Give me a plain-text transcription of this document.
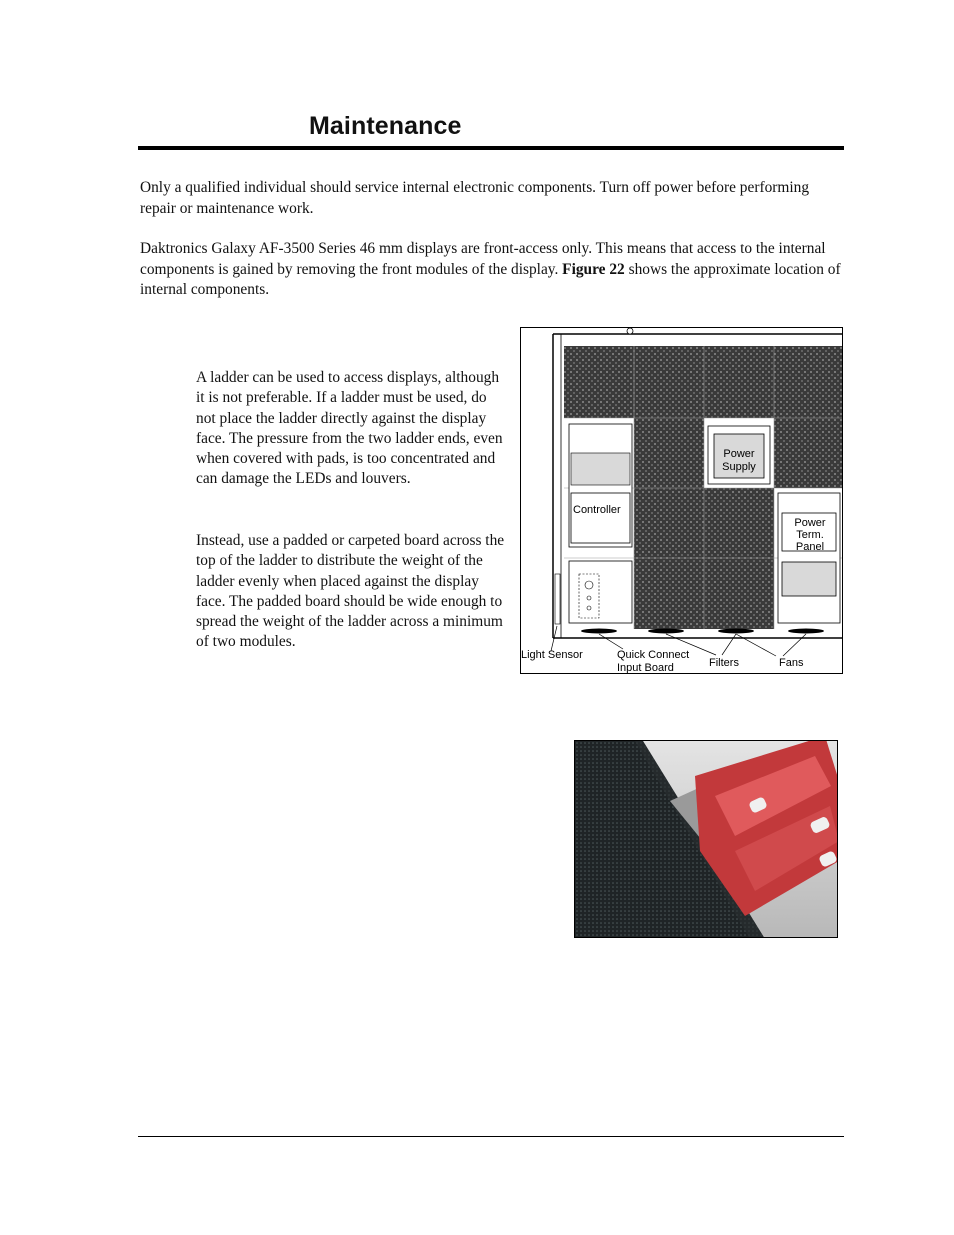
Maintenance

Only a qualified individual should service internal electronic components. Turn off power before performing repair or maintenance work.

Daktronics Galaxy AF-3500 Series 46 mm displays are front-access only. This means that access to the internal components is gained by removing the front modules of the display. Figure 22 shows the approximate location of internal components.

A ladder can be used to access displays, although it is not preferable. If a ladder must be used, do not place the ladder directly against the display face. The pressure from the two ladder ends, even when covered with pads, is too concentrated and can damage the LEDs and louvers.

Instead, use a padded or carpeted board across the top of the ladder to distribute the weight of the ladder evenly when placed against the display face. The padded board should be wide enough to spread the weight of the ladder across a minimum of two modules.

Controller
Power
Supply
Power
Term.
Panel
Light Sensor	Quick Connect
Input Board	Filters	Fans
